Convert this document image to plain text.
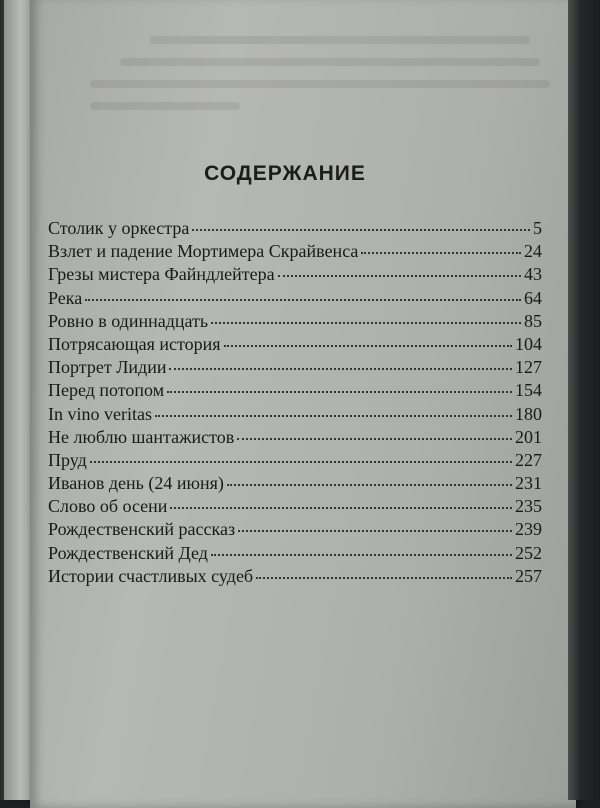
СОДЕРЖАНИЕ
Столик у оркестра	5
Взлет и падение Мортимера Скрайвенса	24
Грезы мистера Файндлейтера	43
Река	64
Ровно в одиннадцать	85
Потрясающая история	104
Портрет Лидии	127
Перед потопом	154
In vino veritas	180
Не люблю шантажистов	201
Пруд	227
Иванов день (24 июня)	231
Слово об осени	235
Рождественский рассказ	239
Рождественский Дед	252
Истории счастливых судеб	257
